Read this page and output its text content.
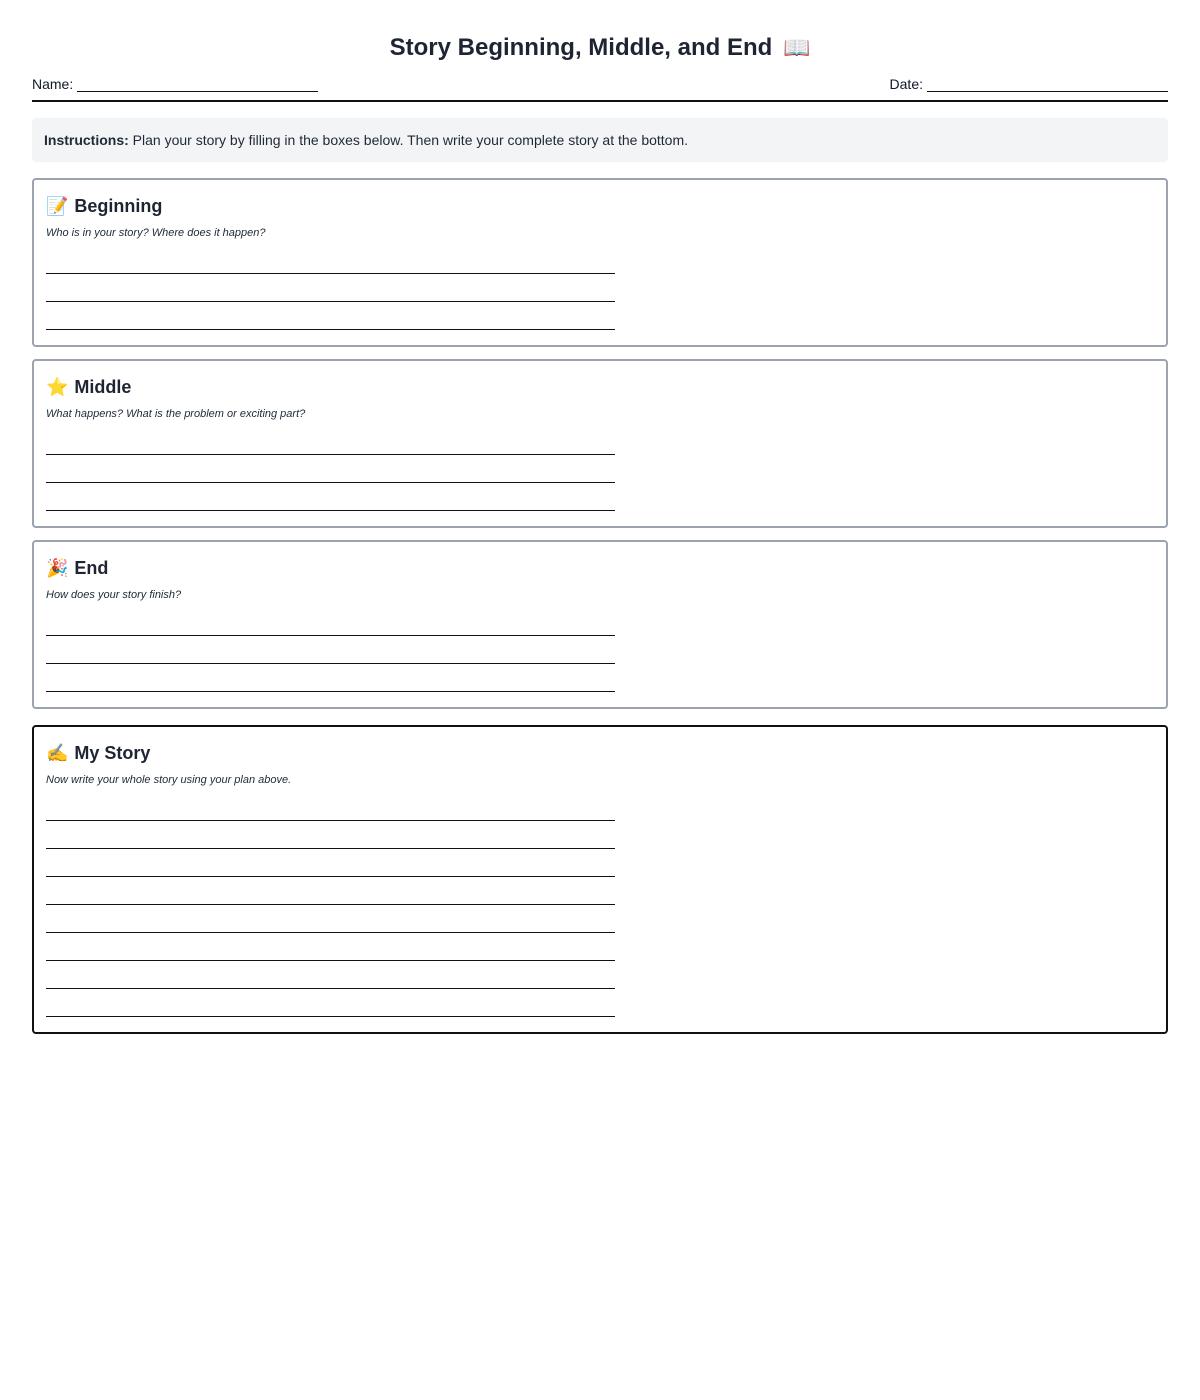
Story Beginning, Middle, and End 📖
Name:	Date:
Instructions: Plan your story by filling in the boxes below. Then write your complete story at the bottom.
📝 Beginning
Who is in your story? Where does it happen?
⭐ Middle
What happens? What is the problem or exciting part?
🎉 End
How does your story finish?
✍️ My Story
Now write your whole story using your plan above.
